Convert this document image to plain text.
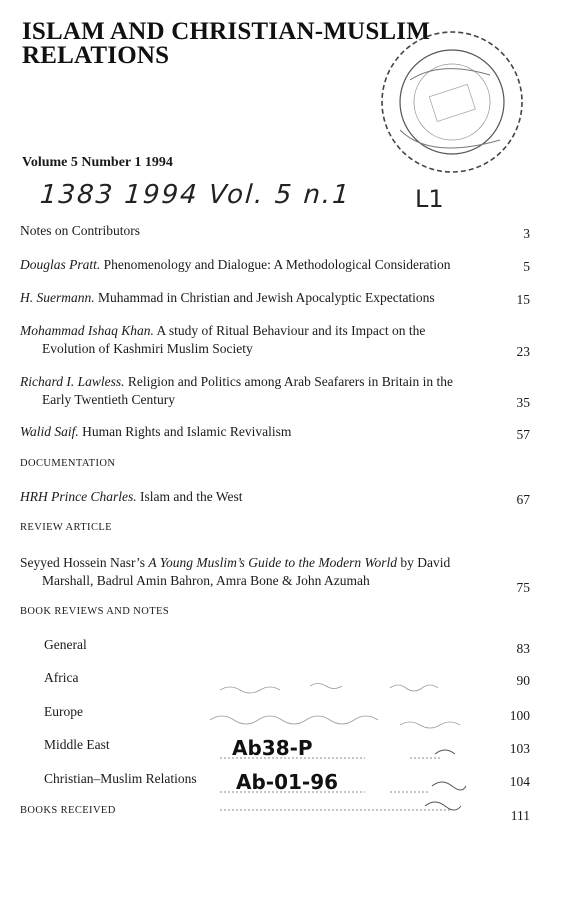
ISLAM AND CHRISTIAN-MUSLIM
RELATIONS
Volume 5 Number 1 1994
1383 1994 Vol. 5 n.1	L1
Notes on Contributors	3
Douglas Pratt. Phenomenology and Dialogue: A Methodological Consideration	5
H. Suermann. Muhammad in Christian and Jewish Apocalyptic Expectations	15
Mohammad Ishaq Khan. A study of Ritual Behaviour and its Impact on the
Evolution of Kashmiri Muslim Society	23
Richard I. Lawless. Religion and Politics among Arab Seafarers in Britain in the
Early Twentieth Century	35
Walid Saif. Human Rights and Islamic Revivalism	57
DOCUMENTATION
HRH Prince Charles. Islam and the West	67
REVIEW ARTICLE
Seyyed Hossein Nasr’s A Young Muslim’s Guide to the Modern World by David
Marshall, Badrul Amin Bahron, Amra Bone & John Azumah	75
BOOK REVIEWS AND NOTES
General	83
Africa	90
Europe	100
Middle East	103
Christian–Muslim Relations	104
BOOKS RECEIVED	111
Ab38-P
Ab-01-96
